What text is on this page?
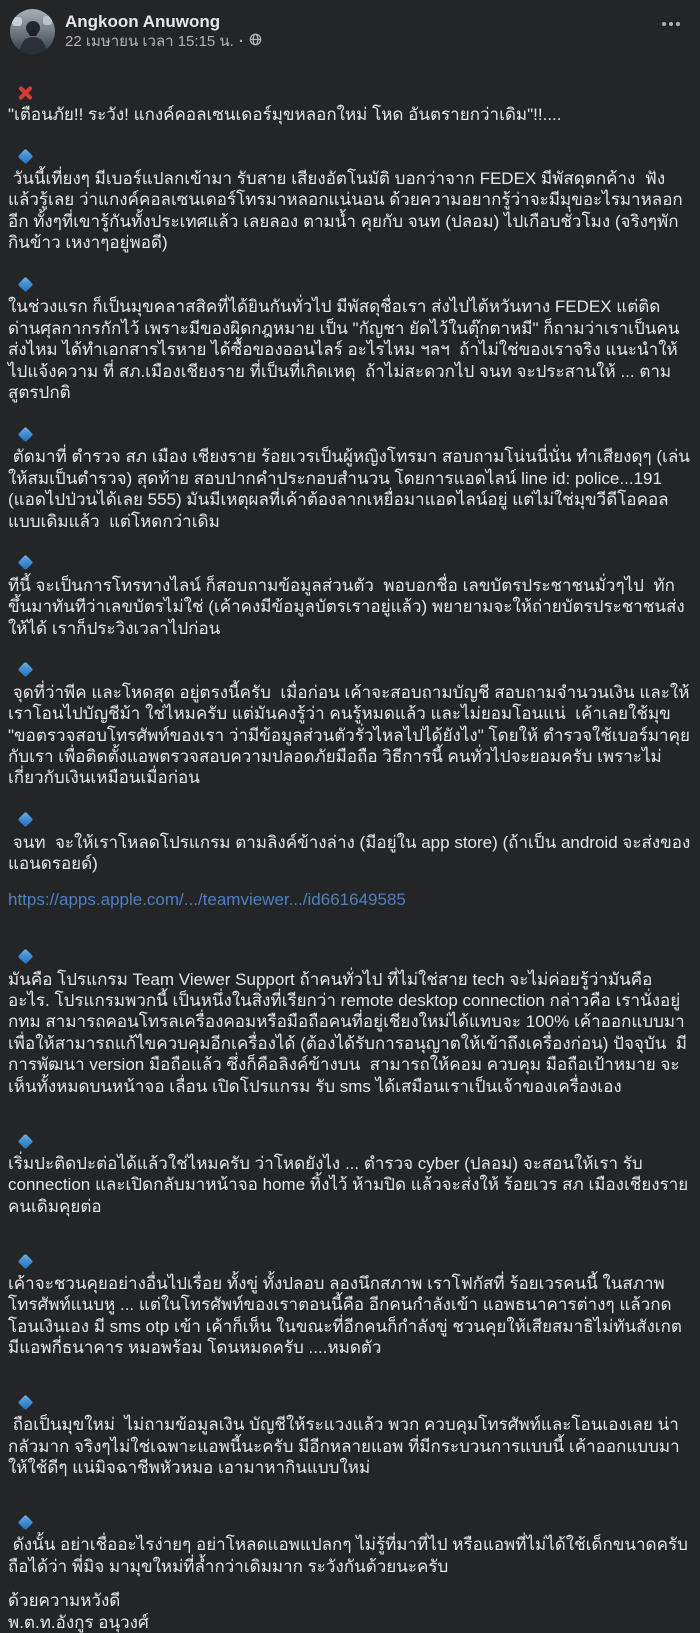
Angkoon Anuwong
22 เมษายน เวลา 15:15 น. ·

"เตือนภัย!! ระวัง! แกงค์คอลเซนเดอร์มุขหลอกใหม่ โหด อันตรายกว่าเดิม"!!....

วันนี้เที่ยงๆ มีเบอร์แปลกเข้ามา รับสาย เสียงอัตโนมัติ บอกว่าจาก FEDEX มีพัสดุตกค้าง  ฟังแล้วรู้เลย ว่าแกงค์คอลเซนเดอร์โทรมาหลอกแน่นอน ด้วยความอยากรู้ว่าจะมีมุขอะไรมาหลอกอีก ทั้งๆที่เขารู้กันทั้งประเทศแล้ว เลยลอง ตามน้ำ คุยกับ จนท (ปลอม) ไปเกือบชั่วโมง (จริงๆพักกินข้าว เหงาๆอยู่พอดี)

ในช่วงแรก ก็เป็นมุขคลาสสิคที่ได้ยินกันทั่วไป มีพัสดุชื่อเรา ส่งไปไต้หวันทาง FEDEX แต่ติดด่านศุลกากรกักไว้ เพราะมีของผิดกฎหมาย เป็น "กัญชา ยัดไว้ในตุ๊กตาหมี" ก็ถามว่าเราเป็นคนส่งไหม ได้ทำเอกสารไรหาย ได้ซื้อของออนไลร์ อะไรไหม ฯลฯ  ถ้าไม่ใช่ของเราจริง แนะนำให้ไปแจ้งความ ที่ สภ.เมืองเชียงราย ที่เป็นที่เกิดเหตุ  ถ้าไม่สะดวกไป จนท จะประสานให้ ... ตามสูตรปกติ

ตัดมาที่ ตำรวจ สภ เมือง เชียงราย ร้อยเวรเป็นผู้หญิงโทรมา สอบถามโน่นนี่นั่น ทำเสียงดุๆ (เล่นให้สมเป็นตำรวจ) สุดท้าย สอบปากคำประกอบสำนวน โดยการแอดไลน์ line id: police...191  (แอดไปป่วนได้เลย 555) มันมีเหตุผลที่เค้าต้องลากเหยื่อมาแอดไลน์อยู่ แต่ไม่ใช่มุขวีดีโอคอล แบบเดิมแล้ว  แต่โหดกว่าเดิม

ทีนี้ จะเป็นการโทรทางไลน์ ก็สอบถามข้อมูลส่วนตัว  พอบอกชื่อ เลขบัตรประชาชนมั่วๆไป  ทักขึ้นมาทันทีว่าเลขบัตรไม่ใช่ (เค้าคงมีข้อมูลบัตรเราอยู่แล้ว) พยายามจะให้ถ่ายบัตรประชาชนส่งให้ได้ เราก็ประวิงเวลาไปก่อน

จุดที่ว่าพีค และโหดสุด อยู่ตรงนี้ครับ  เมื่อก่อน เค้าจะสอบถามบัญชี สอบถามจำนวนเงิน และให้เราโอนไปบัญชีม้า ใช่ไหมครับ แต่มันคงรู้ว่า คนรู้หมดแล้ว และไม่ยอมโอนแน่  เค้าเลยใช้มุข "ขอตรวจสอบโทรศัพท์ของเรา ว่ามีข้อมูลส่วนตัวรั่วไหลไปได้ยังไง" โดยให้ ตำรวจใช้เบอร์มาคุยกับเรา เพื่อติดตั้งแอพตรวจสอบความปลอดภัยมือถือ วิธีการนี้ คนทั่วไปจะยอมครับ เพราะไม่เกี่ยวกับเงินเหมือนเมื่อก่อน

จนท  จะให้เราโหลดโปรแกรม ตามลิงค์ข้างล่าง (มีอยู่ใน app store) (ถ้าเป็น android จะส่งของแอนดรอยด์)

https://apps.apple.com/.../teamviewer.../id661649585

มันคือ โปรแกรม Team Viewer Support ถ้าคนทั่วไป ที่ไม่ใช่สาย tech จะไม่ค่อยรู้ว่ามันคืออะไร. โปรแกรมพวกนี้ เป็นหนึ่งในสิ่งที่เรียกว่า remote desktop connection กล่าวคือ เรานั่งอยู่ กทม สามารถคอนโทรลเครื่องคอมหรือมือถือคนที่อยู่เชียงใหม่ได้แทบจะ 100% เค้าออกแบบมาเพื่อให้สามารถแก้ไขควบคุมอีกเครื่องได้ (ต้องได้รับการอนุญาตให้เข้าถึงเครื่องก่อน) ปัจจุบัน  มีการพัฒนา version มือถือแล้ว ซึ่งก็คือลิงค์ข้างบน  สามารถให้คอม ควบคุม มือถือเป้าหมาย จะเห็นทั้งหมดบนหน้าจอ เลื่อน เปิดโปรแกรม รับ sms ได้เสมือนเราเป็นเจ้าของเครื่องเอง

เริ่มปะติดปะต่อได้แล้วใช่ไหมครับ ว่าโหดยังไง ... ตำรวจ cyber (ปลอม) จะสอนให้เรา รับ connection และเปิดกลับมาหน้าจอ home ทิ้งไว้ ห้ามปิด แล้วจะส่งให้ ร้อยเวร สภ เมืองเชียงรายคนเดิมคุยต่อ

เค้าจะชวนคุยอย่างอื่นไปเรื่อย ทั้งขู่ ทั้งปลอบ ลองนึกสภาพ เราโฟกัสที่ ร้อยเวรคนนี้ ในสภาพโทรศัพท์แนบหู ... แต่ในโทรศัพท์ของเราตอนนี้คือ อีกคนกำลังเข้า แอพธนาคารต่างๆ แล้วกดโอนเงินเอง มี sms otp เข้า เค้าก็เห็น ในขณะที่อีกคนก็กำลังขู่ ชวนคุยให้เสียสมาธิไม่ทันสังเกต  มีแอพกี่ธนาคาร หมอพร้อม โดนหมดครับ ....หมดตัว

ถือเป็นมุขใหม่  ไม่ถามข้อมูลเงิน บัญชีให้ระแวงแล้ว พวก ควบคุมโทรศัพท์และโอนเองเลย น่ากลัวมาก จริงๆไม่ใช่เฉพาะแอพนี้นะครับ มีอีกหลายแอพ ที่มีกระบวนการแบบนี้ เค้าออกแบบมาให้ใช้ดีๆ แน่มิจฉาชีพหัวหมอ เอามาหากินแบบใหม่

ดังนั้น อย่าเชื่ออะไรง่ายๆ อย่าโหลดแอพแปลกๆ ไม่รู้ที่มาที่ไป หรือแอพที่ไม่ได้ใช้เด็กขนาดครับ  ถือได้ว่า พี่มิจ มามุขใหม่ที่ล้ำกว่าเดิมมาก ระวังกันด้วยนะครับ

ด้วยความหวังดี

พ.ต.ท.อังกูร อนุวงศ์
